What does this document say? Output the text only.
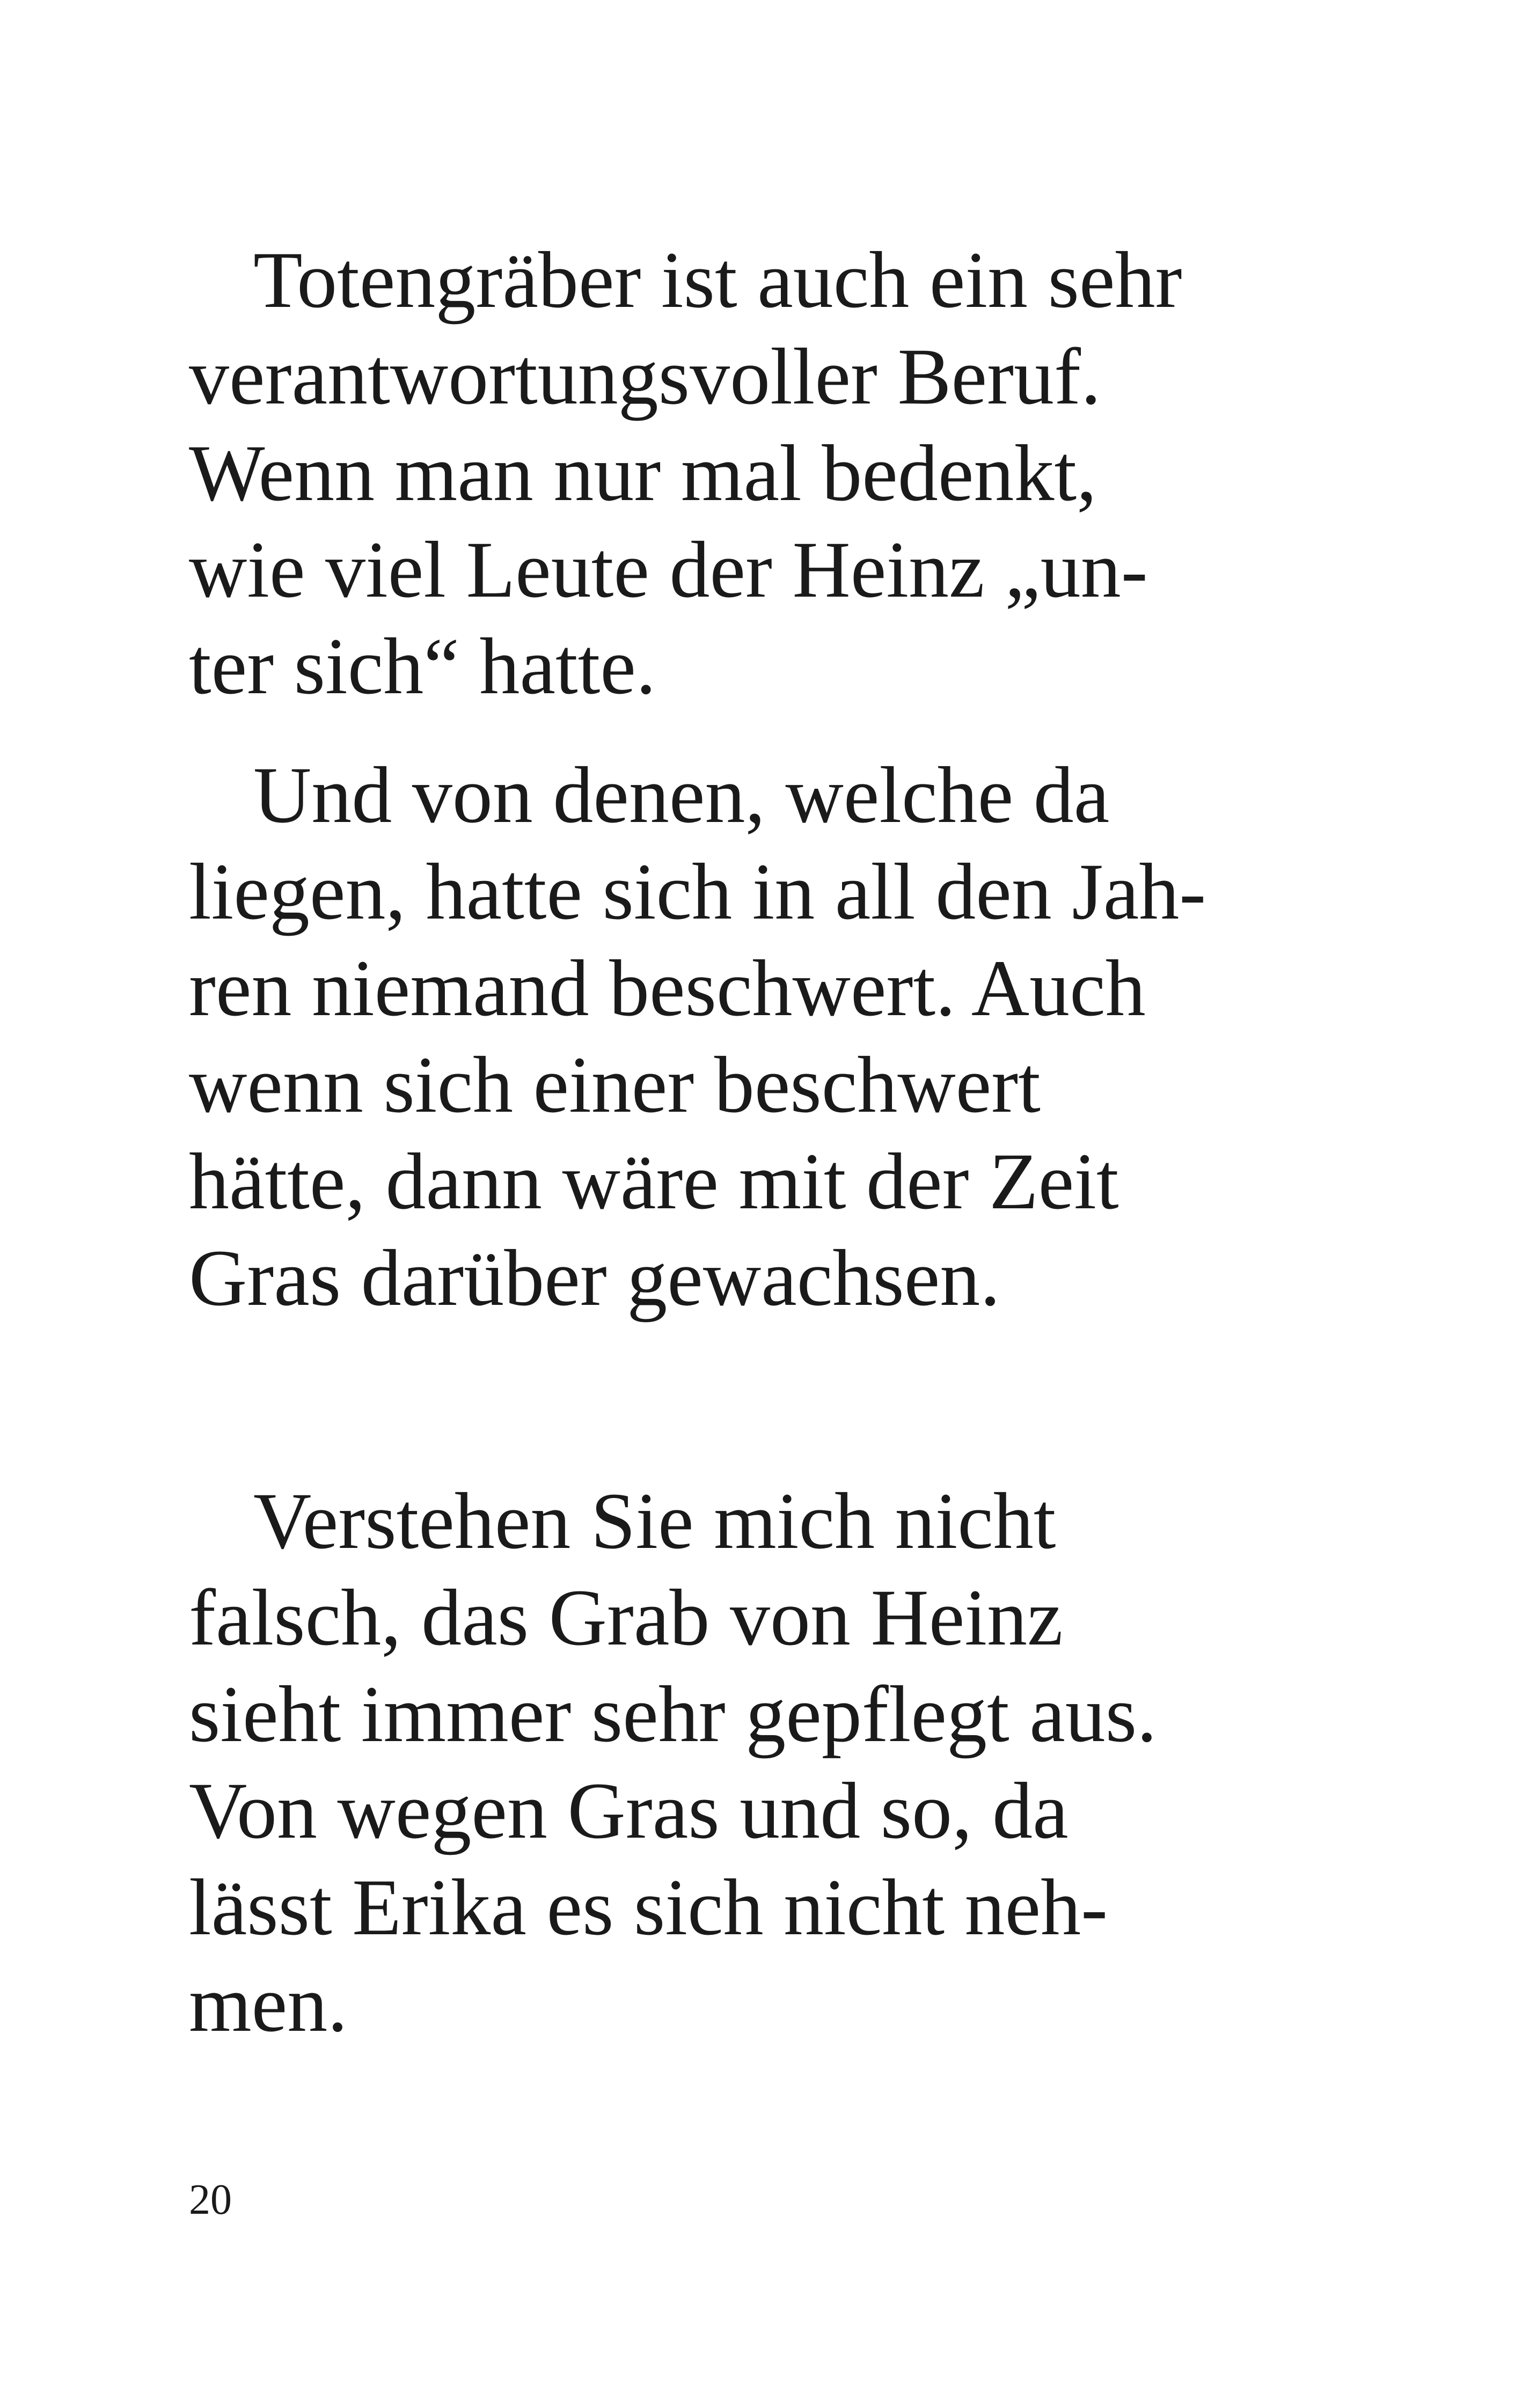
Totengräber ist auch ein sehr
verantwortungsvoller Beruf.
Wenn man nur mal bedenkt,
wie viel Leute der Heinz „un-
ter sich“ hatte.

Und von denen, welche da
liegen, hatte sich in all den Jah-
ren niemand beschwert. Auch
wenn sich einer beschwert
hätte, dann wäre mit der Zeit
Gras darüber gewachsen.

Verstehen Sie mich nicht
falsch, das Grab von Heinz
sieht immer sehr gepflegt aus.
Von wegen Gras und so, da
lässt Erika es sich nicht neh-
men.

20
